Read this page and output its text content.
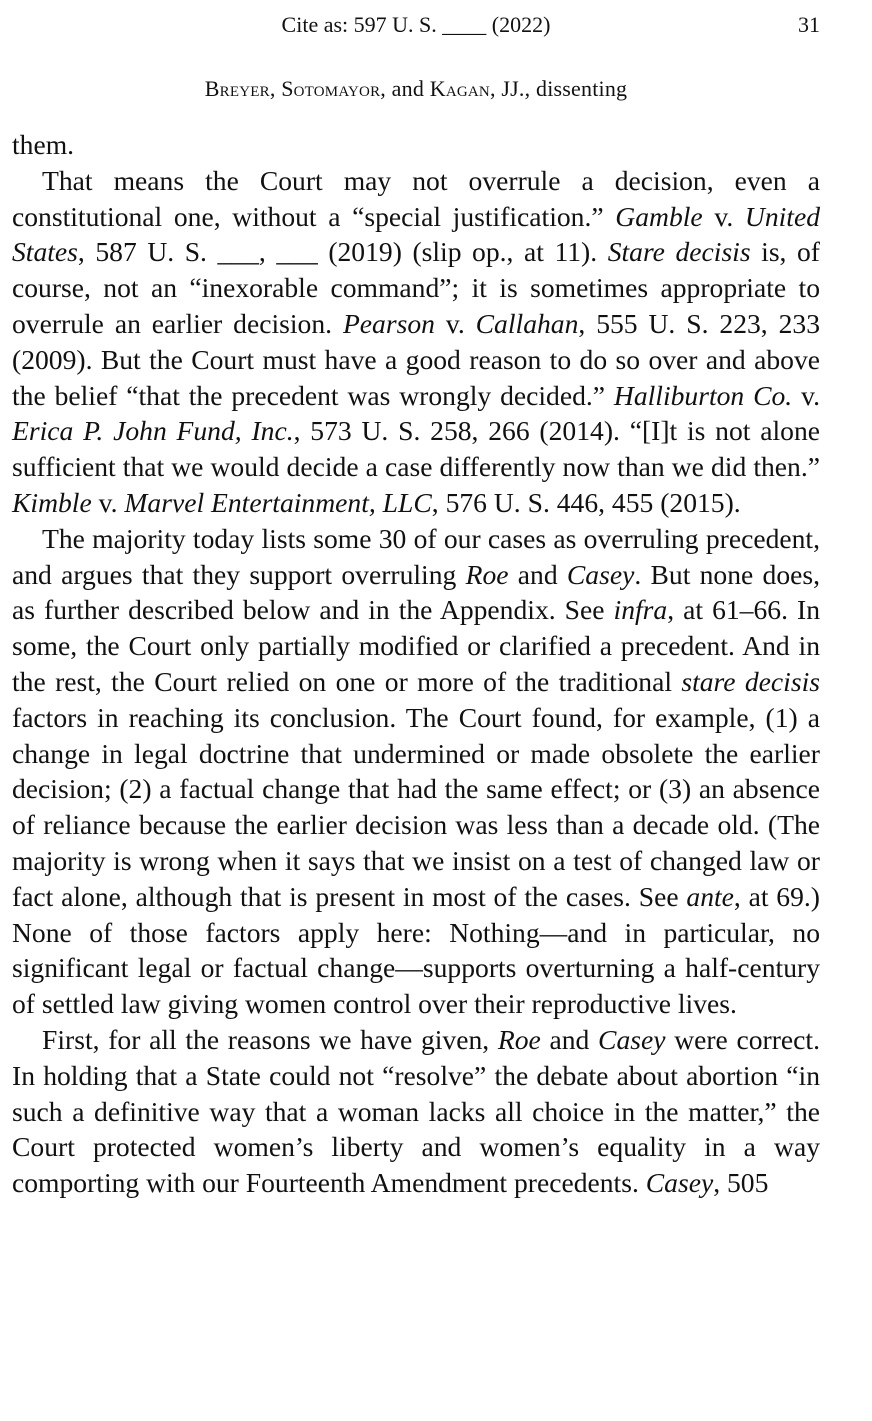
Cite as: 597 U. S. ____ (2022)	31
Breyer, Sotomayor, and Kagan, JJ., dissenting

them.

That means the Court may not overrule a decision, even a constitutional one, without a “special justification.” Gamble v. United States, 587 U. S. ___, ___ (2019) (slip op., at 11). Stare decisis is, of course, not an “inexorable command”; it is sometimes appropriate to overrule an earlier decision. Pearson v. Callahan, 555 U. S. 223, 233 (2009). But the Court must have a good reason to do so over and above the belief “that the precedent was wrongly decided.” Halliburton Co. v. Erica P. John Fund, Inc., 573 U. S. 258, 266 (2014). “[I]t is not alone sufficient that we would decide a case differently now than we did then.” Kimble v. Marvel Entertainment, LLC, 576 U. S. 446, 455 (2015).

The majority today lists some 30 of our cases as overruling precedent, and argues that they support overruling Roe and Casey. But none does, as further described below and in the Appendix. See infra, at 61–66. In some, the Court only partially modified or clarified a precedent. And in the rest, the Court relied on one or more of the traditional stare decisis factors in reaching its conclusion. The Court found, for example, (1) a change in legal doctrine that undermined or made obsolete the earlier decision; (2) a factual change that had the same effect; or (3) an absence of reliance because the earlier decision was less than a decade old. (The majority is wrong when it says that we insist on a test of changed law or fact alone, although that is present in most of the cases. See ante, at 69.) None of those factors apply here: Nothing—and in particular, no significant legal or factual change—supports overturning a half-century of settled law giving women control over their reproductive lives.

First, for all the reasons we have given, Roe and Casey were correct. In holding that a State could not “resolve” the debate about abortion “in such a definitive way that a woman lacks all choice in the matter,” the Court protected women’s liberty and women’s equality in a way comporting with our Fourteenth Amendment precedents. Casey, 505
